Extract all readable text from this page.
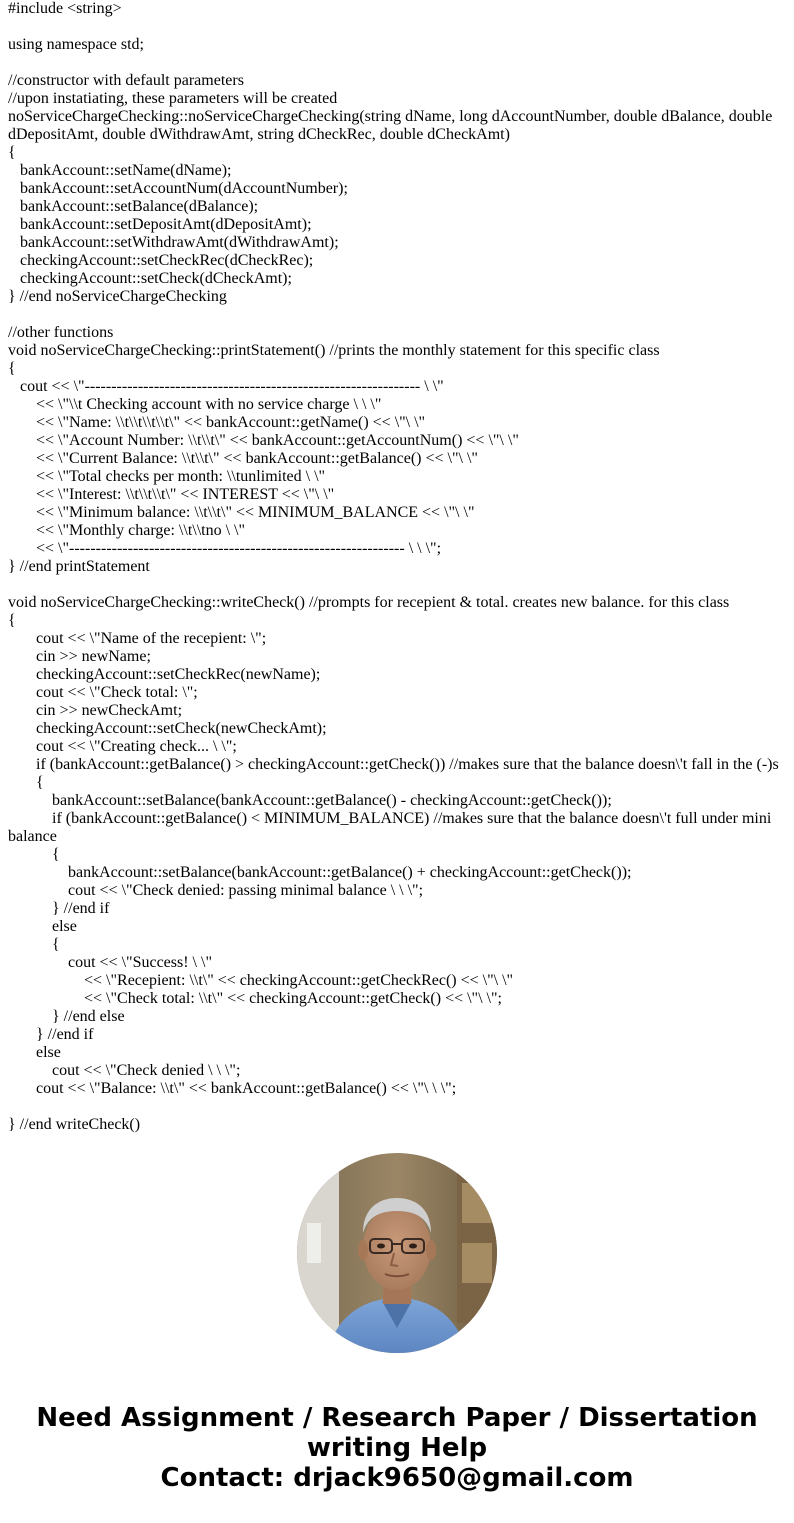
#include <string>
using namespace std;
//constructor with default parameters
//upon instatiating, these parameters will be created
noServiceChargeChecking::noServiceChargeChecking(string dName, long dAccountNumber, double dBalance, double
dDepositAmt, double dWithdrawAmt, string dCheckRec, double dCheckAmt)
{
bankAccount::setName(dName);
bankAccount::setAccountNum(dAccountNumber);
bankAccount::setBalance(dBalance);
bankAccount::setDepositAmt(dDepositAmt);
bankAccount::setWithdrawAmt(dWithdrawAmt);
checkingAccount::setCheckRec(dCheckRec);
checkingAccount::setCheck(dCheckAmt);
} //end noServiceChargeChecking
//other functions
void noServiceChargeChecking::printStatement() //prints the monthly statement for this specific class
{
cout << \"--------------------------------------------------------------- \ \"
<< \"\\t Checking account with no service charge \ \ \"
<< \"Name: \\t\\t\\t\\t\" << bankAccount::getName() << \"\ \"
<< \"Account Number: \\t\\t\" << bankAccount::getAccountNum() << \"\ \"
<< \"Current Balance: \\t\\t\" << bankAccount::getBalance() << \"\ \"
<< \"Total checks per month: \\tunlimited \ \"
<< \"Interest: \\t\\t\\t\" << INTEREST << \"\ \"
<< \"Minimum balance: \\t\\t\" << MINIMUM_BALANCE << \"\ \"
<< \"Monthly charge: \\t\\tno \ \"
<< \"--------------------------------------------------------------- \ \ \";
} //end printStatement
void noServiceChargeChecking::writeCheck() //prompts for recepient & total. creates new balance. for this class
{
cout << \"Name of the recepient: \";
cin >> newName;
checkingAccount::setCheckRec(newName);
cout << \"Check total: \";
cin >> newCheckAmt;
checkingAccount::setCheck(newCheckAmt);
cout << \"Creating check... \ \";
if (bankAccount::getBalance() > checkingAccount::getCheck()) //makes sure that the balance doesn\'t fall in the (-)s
{
bankAccount::setBalance(bankAccount::getBalance() - checkingAccount::getCheck());
if (bankAccount::getBalance() < MINIMUM_BALANCE) //makes sure that the balance doesn\'t full under mini balance
{
bankAccount::setBalance(bankAccount::getBalance() + checkingAccount::getCheck());
cout << \"Check denied: passing minimal balance \ \ \";
} //end if
else
{
cout << \"Success! \ \"
<< \"Recepient: \\t\" << checkingAccount::getCheckRec() << \"\ \"
<< \"Check total: \\t\" << checkingAccount::getCheck() << \"\ \";
} //end else
} //end if
else
cout << \"Check denied \ \ \";
cout << \"Balance: \\t\" << bankAccount::getBalance() << \"\ \ \";
} //end writeCheck()
Need Assignment / Research Paper / Dissertation
writing Help
Contact: drjack9650@gmail.com
